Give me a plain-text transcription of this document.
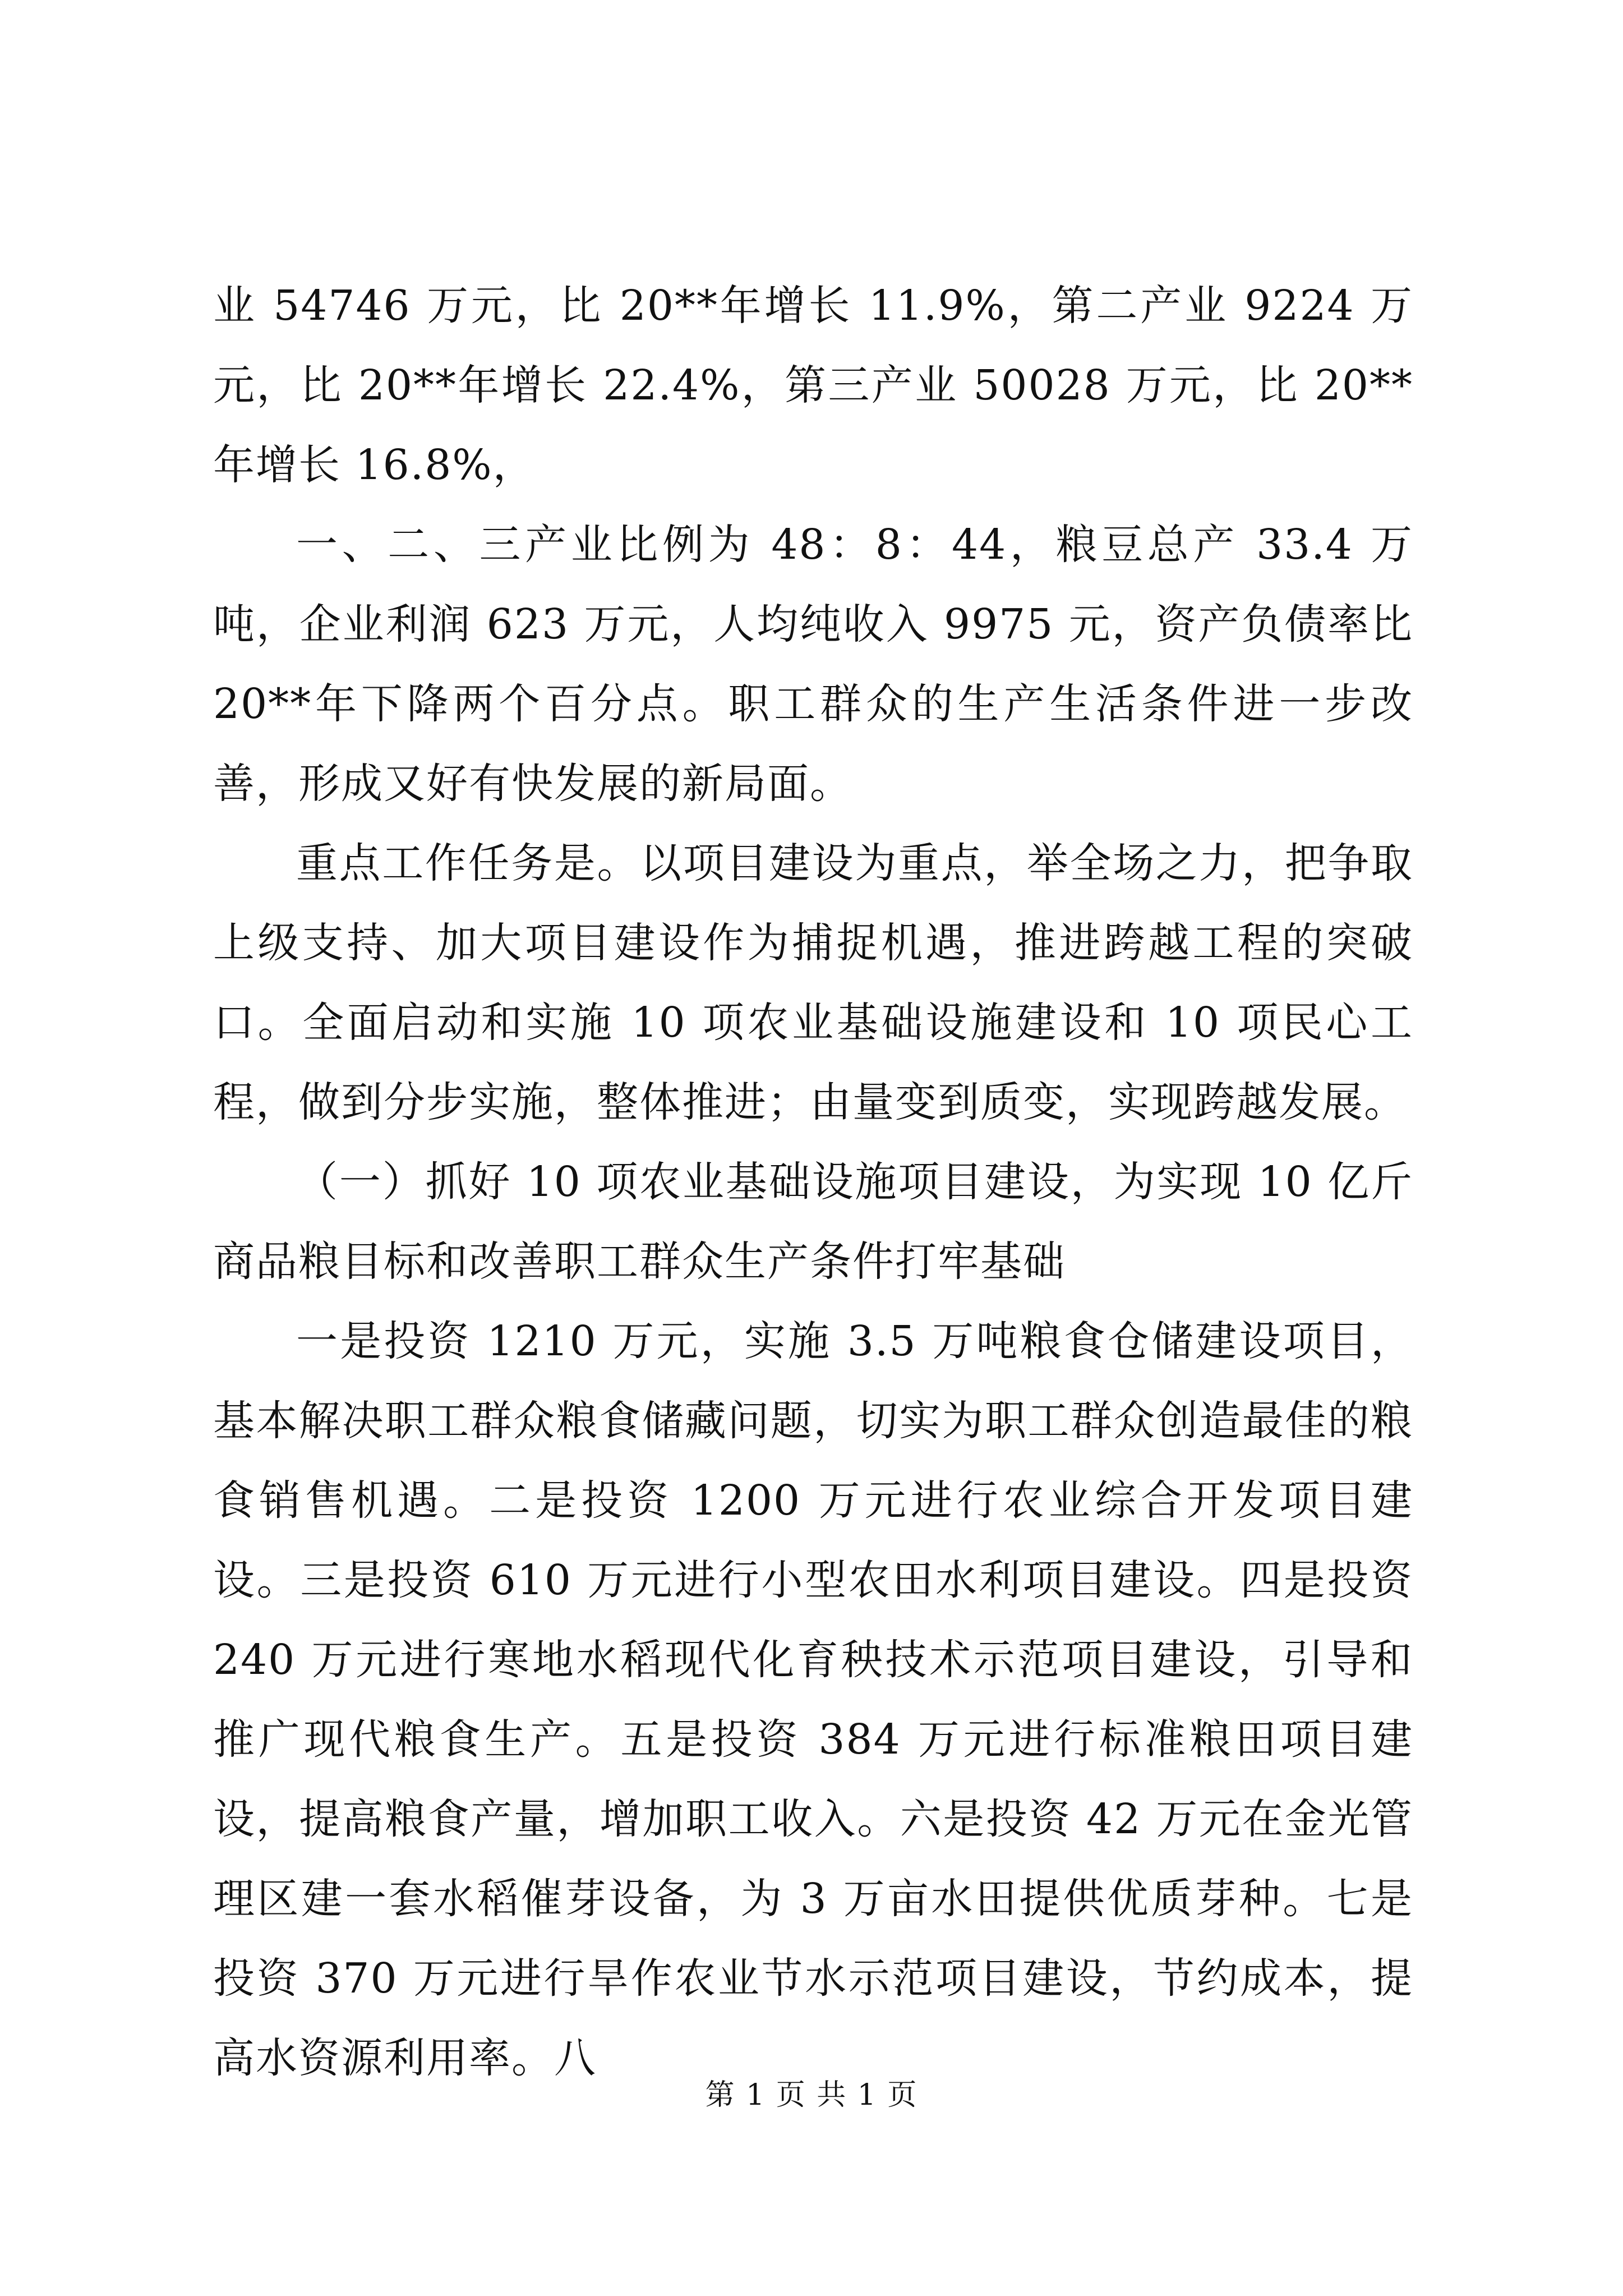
业 54746 万元，比 20**年增长 11.9%，第二产业 9224 万元，比 20**年增长 22.4%，第三产业 50028 万元，比 20**年增长 16.8%，

一、二、三产业比例为 48：8：44，粮豆总产 33.4 万吨，企业利润 623 万元，人均纯收入 9975 元，资产负债率比 20**年下降两个百分点。职工群众的生产生活条件进一步改善，形成又好有快发展的新局面。

重点工作任务是。以项目建设为重点，举全场之力，把争取上级支持、加大项目建设作为捕捉机遇，推进跨越工程的突破口。全面启动和实施 10 项农业基础设施建设和 10 项民心工程，做到分步实施，整体推进；由量变到质变，实现跨越发展。

（一）抓好 10 项农业基础设施项目建设，为实现 10 亿斤商品粮目标和改善职工群众生产条件打牢基础

一是投资 1210 万元，实施 3.5 万吨粮食仓储建设项目，基本解决职工群众粮食储藏问题，切实为职工群众创造最佳的粮食销售机遇。二是投资 1200 万元进行农业综合开发项目建设。三是投资 610 万元进行小型农田水利项目建设。四是投资 240 万元进行寒地水稻现代化育秧技术示范项目建设，引导和推广现代粮食生产。五是投资 384 万元进行标准粮田项目建设，提高粮食产量，增加职工收入。六是投资 42 万元在金光管理区建一套水稻催芽设备，为 3 万亩水田提供优质芽种。七是投资 370 万元进行旱作农业节水示范项目建设，节约成本，提高水资源利用率。八

第 1 页 共 1 页
